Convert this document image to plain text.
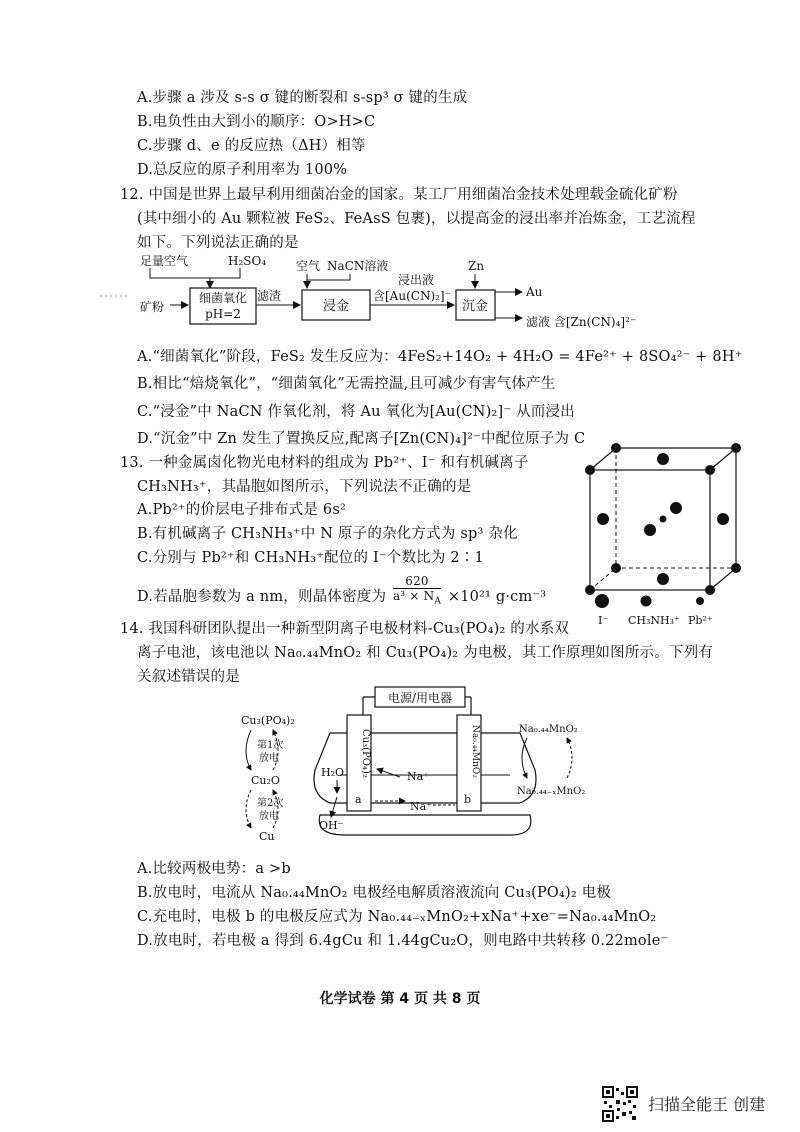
A.步骤 a 涉及 s-s σ 键的断裂和 s-sp³ σ 键的生成
B.电负性由大到小的顺序：O>H>C
C.步骤 d、e 的反应热（ΔH）相等
D.总反应的原子利用率为 100%
12. 中国是世界上最早利用细菌冶金的国家。某工厂用细菌冶金技术处理载金硫化矿粉
(其中细小的 Au 颗粒被 FeS₂、FeAsS 包裹)，以提高金的浸出率并冶炼金，工艺流程
如下。下列说法正确的是
足量空气	H₂SO₄ 空气 NaCN溶液
矿粉
浸出液
含[Au(CN)₂]⁻
Zn
滤渣
细菌氧化
pH=2	浸金	沉金
Au
滤液 含[Zn(CN)₄]²⁻
A.“细菌氧化”阶段，FeS₂ 发生反应为：4FeS₂+14O₂ + 4H₂O = 4Fe²⁺ + 8SO₄²⁻ + 8H⁺
B.相比“焙烧氧化”，“细菌氧化”无需控温,且可减少有害气体产生
C.“浸金”中 NaCN 作氧化剂，将 Au 氧化为[Au(CN)₂]⁻ 从而浸出
D.“沉金”中 Zn 发生了置换反应,配离子[Zn(CN)₄]²⁻中配位原子为 C
13. 一种金属卤化物光电材料的组成为 Pb²⁺、I⁻ 和有机碱离子
CH₃NH₃⁺，其晶胞如图所示，下列说法不正确的是
A.Pb²⁺的价层电子排布式是 6s²
B.有机碱离子 CH₃NH₃⁺中 N 原子的杂化方式为 sp³ 杂化
C.分别与 Pb²⁺和 CH₃NH₃⁺配位的 I⁻个数比为 2∶1
D.若晶胞参数为 a nm，则晶体密度为 $\frac{620}{a^3 \times N_A} \times 10^{21}$ g·cm⁻³
I⁻ CH₃NH₃⁺ Pb²⁺
14. 我国科研团队提出一种新型阴离子电极材料-Cu₃(PO₄)₂ 的水系双
离子电池，该电池以 Na₀.₄₄MnO₂ 和 Cu₃(PO₄)₂ 为电极，其工作原理如图所示。下列有
关叙述错误的是
电源/用电器
Cu₃(PO₄)₂	Na₀.₄₄MnO₂
a	b
H₂O
OH⁻
Na⁺
Na⁺
Cu₃(PO₄)₂
第1次
放电
Cu₂O
第2次
放电
Cu
Na₀.₄₄MnO₂
Na₀.₄₄₋ₓMnO₂
A.比较两极电势：a >b
B.放电时，电流从 Na₀.₄₄MnO₂ 电极经电解质溶液流向 Cu₃(PO₄)₂ 电极
C.充电时，电极 b 的电极反应式为 Na₀.₄₄₋ₓMnO₂+xNa⁺+xe⁻=Na₀.₄₄MnO₂
D.放电时，若电极 a 得到 6.4gCu 和 1.44gCu₂O，则电路中共转移 0.22mole⁻
化学试卷 第 4 页 共 8 页
扫描全能王 创建
